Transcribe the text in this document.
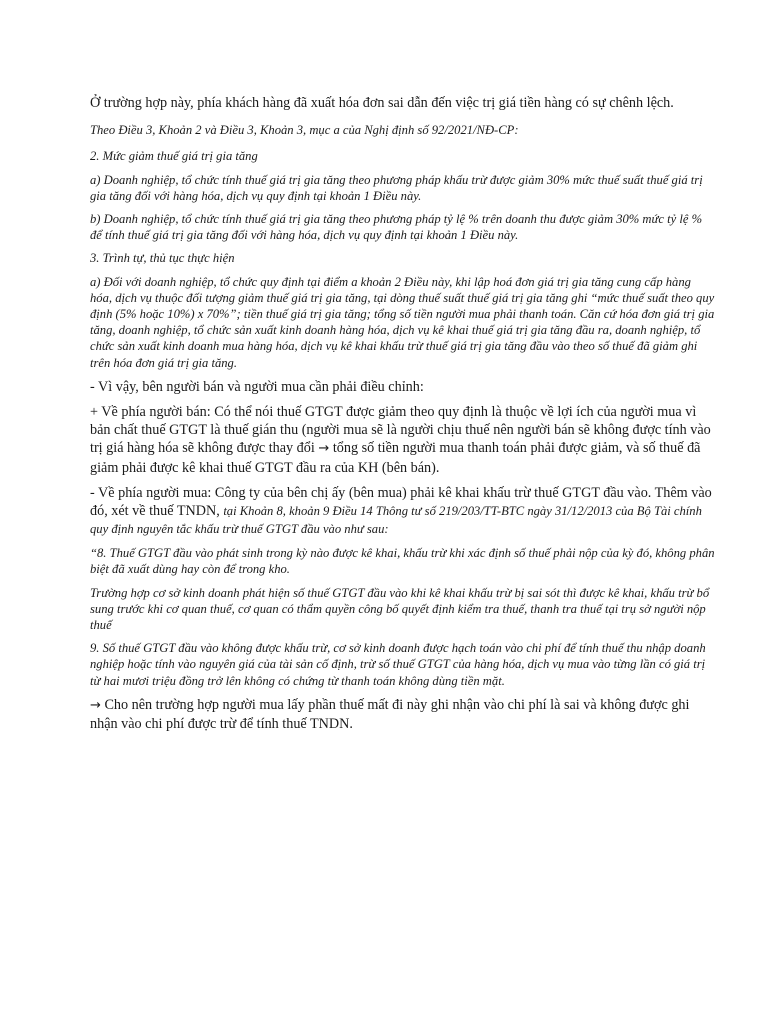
Ở trường hợp này, phía khách hàng đã xuất hóa đơn sai dẫn đến việc trị giá tiền hàng có sự chênh lệch.

Theo Điều 3, Khoản 2 và Điều 3, Khoản 3, mục a của Nghị định số 92/2021/NĐ-CP:

2. Mức giảm thuế giá trị gia tăng

a) Doanh nghiệp, tổ chức tính thuế giá trị gia tăng theo phương pháp khấu trừ được giảm 30% mức thuế suất thuế giá trị gia tăng đối với hàng hóa, dịch vụ quy định tại khoản 1 Điều này.

b) Doanh nghiệp, tổ chức tính thuế giá trị gia tăng theo phương pháp tỷ lệ % trên doanh thu được giảm 30% mức tỷ lệ % để tính thuế giá trị gia tăng đối với hàng hóa, dịch vụ quy định tại khoản 1 Điều này.

3. Trình tự, thủ tục thực hiện

a) Đối với doanh nghiệp, tổ chức quy định tại điểm a khoản 2 Điều này, khi lập hoá đơn giá trị gia tăng cung cấp hàng hóa, dịch vụ thuộc đối tượng giảm thuế giá trị gia tăng, tại dòng thuế suất thuế giá trị gia tăng ghi “mức thuế suất theo quy định (5% hoặc 10%) x 70%”; tiền thuế giá trị gia tăng; tổng số tiền người mua phải thanh toán. Căn cứ hóa đơn giá trị gia tăng, doanh nghiệp, tổ chức sản xuất kinh doanh hàng hóa, dịch vụ kê khai thuế giá trị gia tăng đầu ra, doanh nghiệp, tổ chức sản xuất kinh doanh mua hàng hóa, dịch vụ kê khai khấu trừ thuế giá trị gia tăng đầu vào theo số thuế đã giảm ghi trên hóa đơn giá trị gia tăng.

- Vì vậy, bên người bán và người mua cần phải điều chỉnh:

+ Về phía người bán: Có thể nói thuế GTGT được giảm theo quy định là thuộc về lợi ích của người mua vì bản chất thuế GTGT là thuế gián thu (người mua sẽ là người chịu thuế nên người bán sẽ không được tính vào trị giá hàng hóa sẽ không được thay đổi → tổng số tiền người mua thanh toán phải được giảm, và số thuế đã giảm phải được kê khai thuế GTGT đầu ra của KH (bên bán).

- Về phía người mua: Công ty của bên chị ấy (bên mua) phải kê khai khấu trừ thuế GTGT đầu vào. Thêm vào đó, xét về thuế TNDN, tại Khoản 8, khoản 9 Điều 14 Thông tư số 219/203/TT-BTC ngày 31/12/2013 của Bộ Tài chính quy định nguyên tắc khấu trừ thuế GTGT đầu vào như sau:

“8. Thuế GTGT đầu vào phát sinh trong kỳ nào được kê khai, khấu trừ khi xác định số thuế phải nộp của kỳ đó, không phân biệt đã xuất dùng hay còn để trong kho.

Trường hợp cơ sở kinh doanh phát hiện số thuế GTGT đầu vào khi kê khai khấu trừ bị sai sót thì được kê khai, khấu trừ bổ sung trước khi cơ quan thuế, cơ quan có thẩm quyền công bố quyết định kiểm tra thuế, thanh tra thuế tại trụ sở người nộp thuế

9. Số thuế GTGT đầu vào không được khấu trừ, cơ sở kinh doanh được hạch toán vào chi phí để tính thuế thu nhập doanh nghiệp hoặc tính vào nguyên giá của tài sản cố định, trừ số thuế GTGT của hàng hóa, dịch vụ mua vào từng lần có giá trị từ hai mươi triệu đồng trở lên không có chứng từ thanh toán không dùng tiền mặt.

→ Cho nên trường hợp người mua lấy phần thuế mất đi này ghi nhận vào chi phí là sai và không được ghi nhận vào chi phí được trừ để tính thuế TNDN.
